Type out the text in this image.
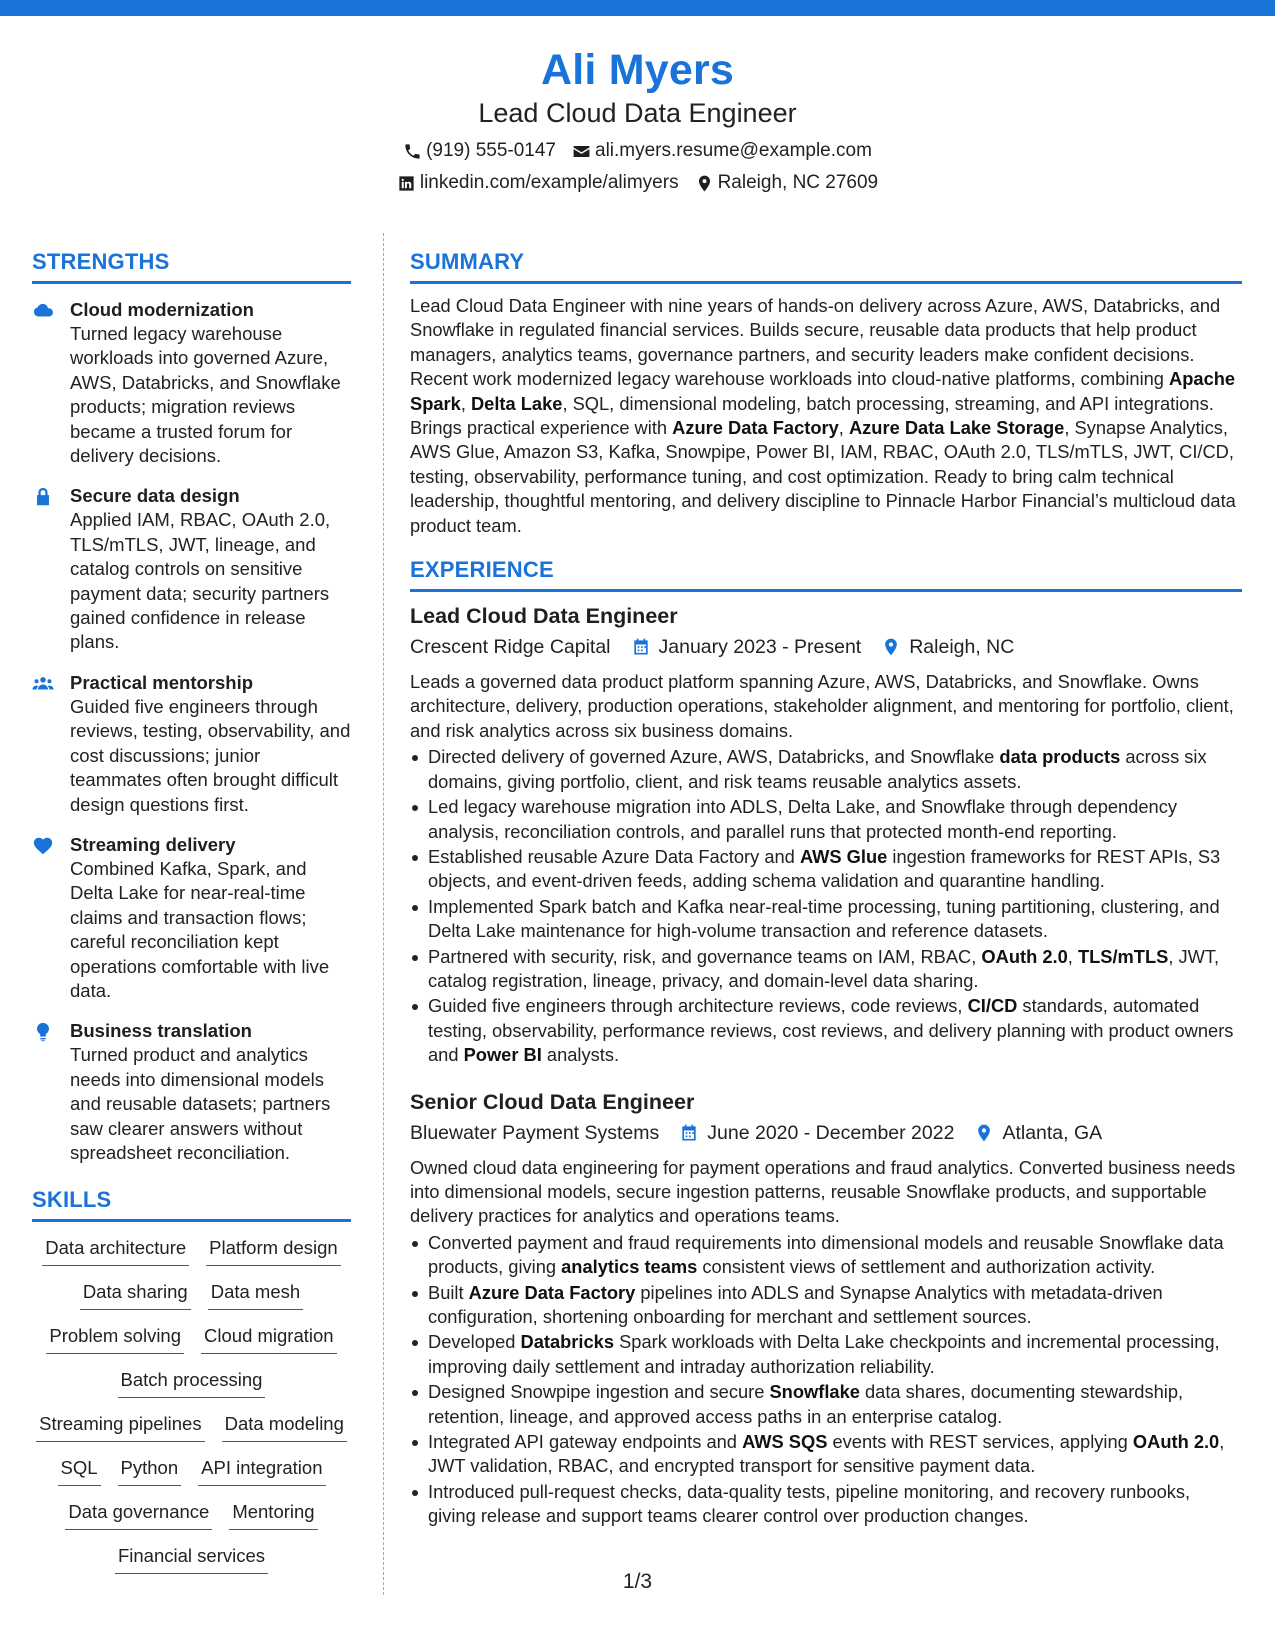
Ali Myers
Lead Cloud Data Engineer
(919) 555-0147 ali.myers.resume@example.com
linkedin.com/example/alimyers Raleigh, NC 27609
STRENGTHS
Cloud modernization
Turned legacy warehouse workloads into governed Azure, AWS, Databricks, and Snowflake products; migration reviews became a trusted forum for delivery decisions.
Secure data design
Applied IAM, RBAC, OAuth 2.0, TLS/mTLS, JWT, lineage, and catalog controls on sensitive payment data; security partners gained confidence in release plans.
Practical mentorship
Guided five engineers through reviews, testing, observability, and cost discussions; junior teammates often brought difficult design questions first.
Streaming delivery
Combined Kafka, Spark, and Delta Lake for near-real-time claims and transaction flows; careful reconciliation kept operations comfortable with live data.
Business translation
Turned product and analytics needs into dimensional models and reusable datasets; partners saw clearer answers without spreadsheet reconciliation.
SKILLS
Data architecture Platform design
Data sharing Data mesh
Problem solving Cloud migration
Batch processing
Streaming pipelines Data modeling
SQL Python API integration
Data governance Mentoring
Financial services
SUMMARY
Lead Cloud Data Engineer with nine years of hands-on delivery across Azure, AWS, Databricks, and Snowflake in regulated financial services. Builds secure, reusable data products that help product managers, analytics teams, governance partners, and security leaders make confident decisions. Recent work modernized legacy warehouse workloads into cloud-native platforms, combining Apache Spark, Delta Lake, SQL, dimensional modeling, batch processing, streaming, and API integrations. Brings practical experience with Azure Data Factory, Azure Data Lake Storage, Synapse Analytics, AWS Glue, Amazon S3, Kafka, Snowpipe, Power BI, IAM, RBAC, OAuth 2.0, TLS/mTLS, JWT, CI/CD, testing, observability, performance tuning, and cost optimization. Ready to bring calm technical leadership, thoughtful mentoring, and delivery discipline to Pinnacle Harbor Financial’s multicloud data product team.
EXPERIENCE
Lead Cloud Data Engineer
Crescent Ridge Capital January 2023 - Present Raleigh, NC
Leads a governed data product platform spanning Azure, AWS, Databricks, and Snowflake. Owns architecture, delivery, production operations, stakeholder alignment, and mentoring for portfolio, client, and risk analytics across six business domains.
Directed delivery of governed Azure, AWS, Databricks, and Snowflake data products across six domains, giving portfolio, client, and risk teams reusable analytics assets.
Led legacy warehouse migration into ADLS, Delta Lake, and Snowflake through dependency analysis, reconciliation controls, and parallel runs that protected month-end reporting.
Established reusable Azure Data Factory and AWS Glue ingestion frameworks for REST APIs, S3 objects, and event-driven feeds, adding schema validation and quarantine handling.
Implemented Spark batch and Kafka near-real-time processing, tuning partitioning, clustering, and Delta Lake maintenance for high-volume transaction and reference datasets.
Partnered with security, risk, and governance teams on IAM, RBAC, OAuth 2.0, TLS/mTLS, JWT, catalog registration, lineage, privacy, and domain-level data sharing.
Guided five engineers through architecture reviews, code reviews, CI/CD standards, automated testing, observability, performance reviews, cost reviews, and delivery planning with product owners and Power BI analysts.
Senior Cloud Data Engineer
Bluewater Payment Systems June 2020 - December 2022 Atlanta, GA
Owned cloud data engineering for payment operations and fraud analytics. Converted business needs into dimensional models, secure ingestion patterns, reusable Snowflake products, and supportable delivery practices for analytics and operations teams.
Converted payment and fraud requirements into dimensional models and reusable Snowflake data products, giving analytics teams consistent views of settlement and authorization activity.
Built Azure Data Factory pipelines into ADLS and Synapse Analytics with metadata-driven configuration, shortening onboarding for merchant and settlement sources.
Developed Databricks Spark workloads with Delta Lake checkpoints and incremental processing, improving daily settlement and intraday authorization reliability.
Designed Snowpipe ingestion and secure Snowflake data shares, documenting stewardship, retention, lineage, and approved access paths in an enterprise catalog.
Integrated API gateway endpoints and AWS SQS events with REST services, applying OAuth 2.0, JWT validation, RBAC, and encrypted transport for sensitive payment data.
Introduced pull-request checks, data-quality tests, pipeline monitoring, and recovery runbooks, giving release and support teams clearer control over production changes.
1/3
